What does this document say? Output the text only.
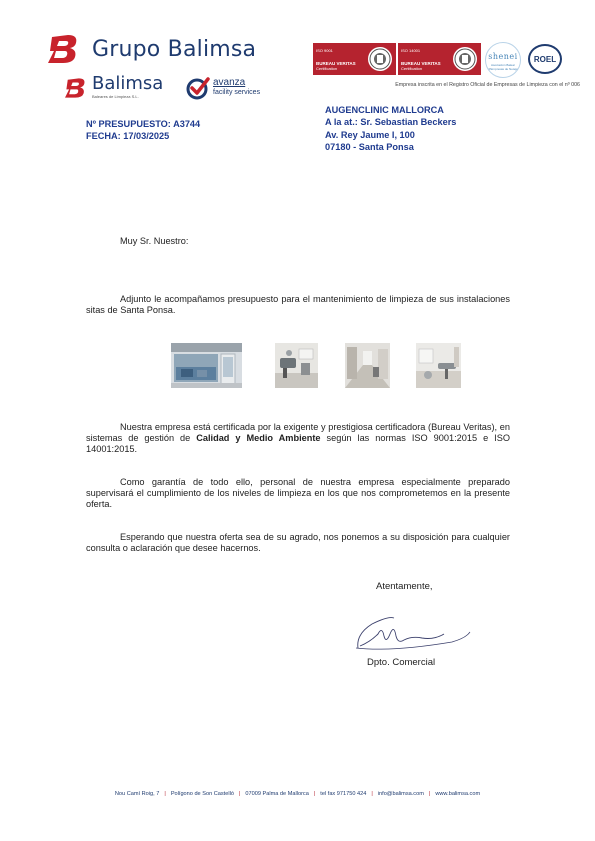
Grupo Balimsa
Balimsa
Baleares de Limpieza S.L.
avanza
facility services
ISO 9001
BUREAU VERITAS
Certification
ISO 14001
BUREAU VERITAS
Certification
shenei
Asociación Balear d'Empresas de Neteja
ROEL
Empresa inscrita en el Registro Oficial de Empresas de Limpieza con el nº 006
Nº PRESUPUESTO: A3744
FECHA: 17/03/2025
AUGENCLINIC MALLORCA
A la at.: Sr. Sebastian Beckers
Av. Rey Jaume I, 100
07180 - Santa Ponsa
Muy Sr. Nuestro:
Adjunto le acompañamos presupuesto para el mantenimiento de limpieza de sus instalaciones sitas de Santa Ponsa.
Nuestra empresa está certificada por la exigente y prestigiosa certificadora (Bureau Veritas), en sistemas de gestión de Calidad y Medio Ambiente según las normas ISO 9001:2015 e ISO 14001:2015.
Como garantía de todo ello, personal de nuestra empresa especialmente preparado supervisará el cumplimiento de los niveles de limpieza en los que nos comprometemos en la presente oferta.
Esperando que nuestra oferta sea de su agrado, nos ponemos a su disposición para cualquier consulta o aclaración que desee hacernos.
Atentamente,
Dpto. Comercial
Nou Camí Roig, 7 | Polígono de Son Castelló | 07009 Palma de Mallorca | tel fax 971750 424 | info@balimsa.com | www.balimsa.com
